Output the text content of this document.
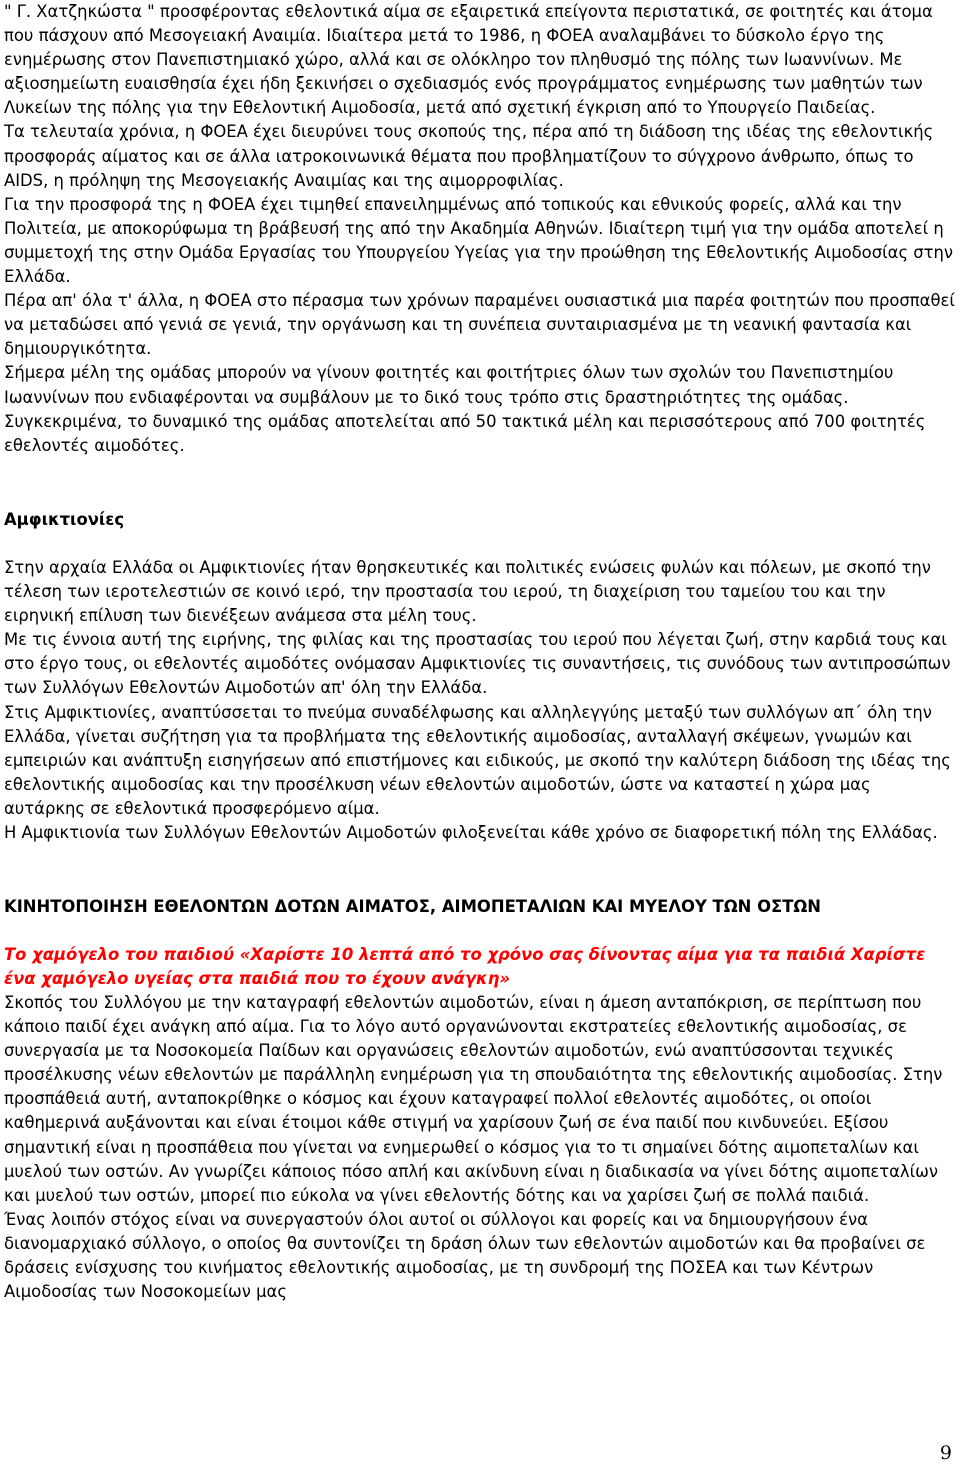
" Γ. Χατζηκώστα " προσφέροντας εθελοντικά αίμα σε εξαιρετικά επείγοντα περιστατικά, σε φοιτητές και άτομα που πάσχουν από Μεσογειακή Αναιμία. Ιδιαίτερα μετά το 1986, η ΦΟΕΑ αναλαμβάνει το δύσκολο έργο της ενημέρωσης στον Πανεπιστημιακό χώρο, αλλά και σε ολόκληρο τον πληθυσμό της πόλης των Ιωαννίνων. Με αξιοσημείωτη ευαισθησία έχει ήδη ξεκινήσει ο σχεδιασμός ενός προγράμματος ενημέρωσης των μαθητών των Λυκείων της πόλης για την Εθελοντική Αιμοδοσία, μετά από σχετική έγκριση από το Υπουργείο Παιδείας.

Τα τελευταία χρόνια, η ΦΟΕΑ έχει διευρύνει τους σκοπούς της, πέρα από τη διάδοση της ιδέας της εθελοντικής προσφοράς αίματος και σε άλλα ιατροκοινωνικά θέματα που προβληματίζουν το σύγχρονο άνθρωπο, όπως το AIDS, η πρόληψη της Μεσογειακής Αναιμίας και της αιμορροφιλίας.

Για την προσφορά της η ΦΟΕΑ έχει τιμηθεί επανειλημμένως από τοπικούς και εθνικούς φορείς, αλλά και την Πολιτεία, με αποκορύφωμα τη βράβευσή της από την Ακαδημία Αθηνών. Ιδιαίτερη τιμή για την ομάδα αποτελεί η συμμετοχή της στην Ομάδα Εργασίας του Υπουργείου Υγείας για την προώθηση της Εθελοντικής Αιμοδοσίας στην Ελλάδα.

Πέρα απ' όλα τ' άλλα, η ΦΟΕΑ στο πέρασμα των χρόνων παραμένει ουσιαστικά μια παρέα φοιτητών που προσπαθεί να μεταδώσει από γενιά σε γενιά, την οργάνωση και τη συνέπεια συνταιριασμένα με τη νεανική φαντασία και δημιουργικότητα.

Σήμερα μέλη της ομάδας μπορούν να γίνουν φοιτητές και φοιτήτριες όλων των σχολών του Πανεπιστημίου Ιωαννίνων που ενδιαφέρονται να συμβάλουν με το δικό τους τρόπο στις δραστηριότητες της ομάδας.

Συγκεκριμένα, το δυναμικό της ομάδας αποτελείται από 50 τακτικά μέλη και περισσότερους από 700 φοιτητές εθελοντές αιμοδότες.

Αμφικτιονίες

Στην αρχαία Ελλάδα οι Αμφικτιονίες ήταν θρησκευτικές και πολιτικές ενώσεις φυλών και πόλεων, με σκοπό την τέλεση των ιεροτελεστιών σε κοινό ιερό, την προστασία του ιερού, τη διαχείριση του ταμείου του και την ειρηνική επίλυση των διενέξεων ανάμεσα στα μέλη τους.

Με τις έννοια αυτή της ειρήνης, της φιλίας και της προστασίας του ιερού που λέγεται ζωή, στην καρδιά τους και στο έργο τους, οι εθελοντές αιμοδότες ονόμασαν Αμφικτιονίες τις συναντήσεις, τις συνόδους των αντιπροσώπων των Συλλόγων Εθελοντών Αιμοδοτών απ' όλη την Ελλάδα.

Στις Αμφικτιονίες, αναπτύσσεται το πνεύμα συναδέλφωσης και αλληλεγγύης μεταξύ των συλλόγων απ΄ όλη την Ελλάδα, γίνεται συζήτηση για τα προβλήματα της εθελοντικής αιμοδοσίας, ανταλλαγή σκέψεων, γνωμών και εμπειριών και ανάπτυξη εισηγήσεων από επιστήμονες και ειδικούς, με σκοπό την καλύτερη διάδοση της ιδέας της εθελοντικής αιμοδοσίας και την προσέλκυση νέων εθελοντών αιμοδοτών, ώστε να καταστεί η χώρα μας αυτάρκης σε εθελοντικά προσφερόμενο αίμα.

Η Αμφικτιονία των Συλλόγων Εθελοντών Αιμοδοτών φιλοξενείται κάθε χρόνο σε διαφορετική πόλη της Ελλάδας.

ΚΙΝΗΤΟΠΟΙΗΣΗ ΕΘΕΛΟΝΤΩΝ ΔΟΤΩΝ ΑΙΜΑΤΟΣ, ΑΙΜΟΠΕΤΑΛΙΩΝ ΚΑΙ ΜΥΕΛΟΥ ΤΩΝ ΟΣΤΩΝ

Το χαμόγελο του παιδιού «Χαρίστε 10 λεπτά από το χρόνο σας δίνοντας αίμα για τα παιδιά Χαρίστε ένα χαμόγελο υγείας στα παιδιά που το έχουν ανάγκη»

Σκοπός του Συλλόγου με την καταγραφή εθελοντών αιμοδοτών, είναι η άμεση ανταπόκριση, σε περίπτωση που κάποιο παιδί έχει ανάγκη από αίμα. Για το λόγο αυτό οργανώνονται εκστρατείες εθελοντικής αιμοδοσίας, σε συνεργασία με τα Νοσοκομεία Παίδων και οργανώσεις εθελοντών αιμοδοτών, ενώ αναπτύσσονται τεχνικές προσέλκυσης νέων εθελοντών με παράλληλη ενημέρωση για τη σπουδαιότητα της εθελοντικής αιμοδοσίας. Στην προσπάθειά αυτή, ανταποκρίθηκε ο κόσμος και έχουν καταγραφεί πολλοί εθελοντές αιμοδότες, οι οποίοι καθημερινά αυξάνονται και είναι έτοιμοι κάθε στιγμή να χαρίσουν ζωή σε ένα παιδί που κινδυνεύει. Εξίσου σημαντική είναι η προσπάθεια που γίνεται να ενημερωθεί ο κόσμος για το τι σημαίνει δότης αιμοπεταλίων και μυελού των οστών. Αν γνωρίζει κάποιος πόσο απλή και ακίνδυνη είναι η διαδικασία να γίνει δότης αιμοπεταλίων και μυελού των οστών, μπορεί πιο εύκολα να γίνει εθελοντής δότης και να χαρίσει ζωή σε πολλά παιδιά.

Ένας λοιπόν στόχος είναι να συνεργαστούν όλοι αυτοί οι σύλλογοι και φορείς και να δημιουργήσουν ένα διανομαρχιακό σύλλογο, ο οποίος θα συντονίζει τη δράση όλων των εθελοντών αιμοδοτών και θα προβαίνει σε δράσεις ενίσχυσης του κινήματος εθελοντικής αιμοδοσίας, με τη συνδρομή της ΠΟΣΕΑ και των Κέντρων Αιμοδοσίας των Νοσοκομείων μας

9
